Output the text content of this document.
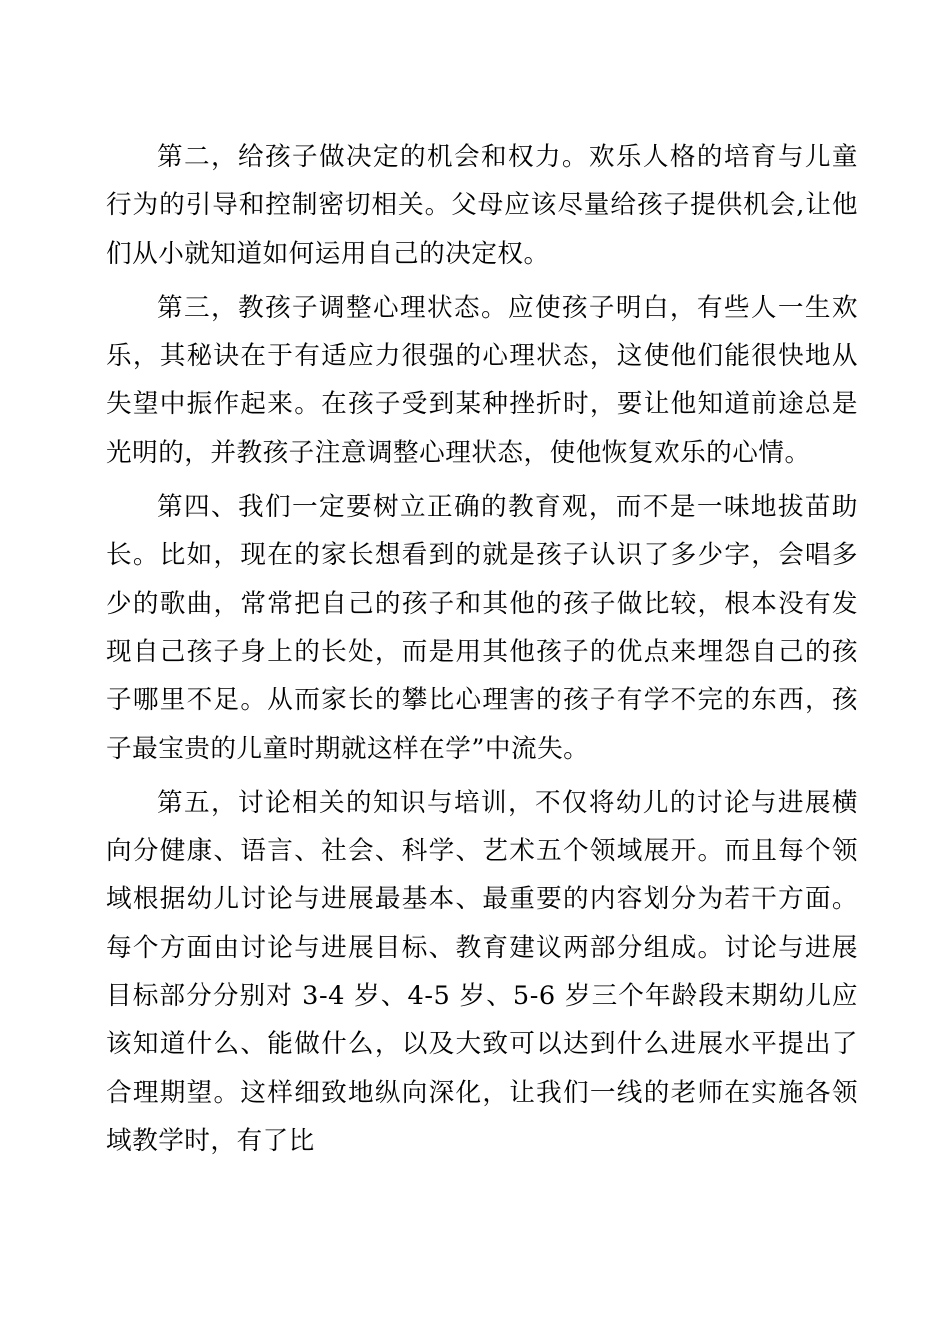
第二，给孩子做决定的机会和权力。欢乐人格的培育与儿童行为的引导和控制密切相关。父母应该尽量给孩子提供机会,让他们从小就知道如何运用自己的决定权。

第三，教孩子调整心理状态。应使孩子明白，有些人一生欢乐，其秘诀在于有适应力很强的心理状态，这使他们能很快地从失望中振作起来。在孩子受到某种挫折时，要让他知道前途总是光明的，并教孩子注意调整心理状态，使他恢复欢乐的心情。

第四、我们一定要树立正确的教育观，而不是一味地拔苗助长。比如，现在的家长想看到的就是孩子认识了多少字，会唱多少的歌曲，常常把自己的孩子和其他的孩子做比较，根本没有发现自己孩子身上的长处，而是用其他孩子的优点来埋怨自己的孩子哪里不足。从而家长的攀比心理害的孩子有学不完的东西，孩子最宝贵的儿童时期就这样在学”中流失。

第五，讨论相关的知识与培训，不仅将幼儿的讨论与进展横向分健康、语言、社会、科学、艺术五个领域展开。而且每个领域根据幼儿讨论与进展最基本、最重要的内容划分为若干方面。每个方面由讨论与进展目标、教育建议两部分组成。讨论与进展目标部分分别对 3-4 岁、4-5 岁、5-6 岁三个年龄段末期幼儿应该知道什么、能做什么，以及大致可以达到什么进展水平提出了合理期望。这样细致地纵向深化，让我们一线的老师在实施各领域教学时，有了比
